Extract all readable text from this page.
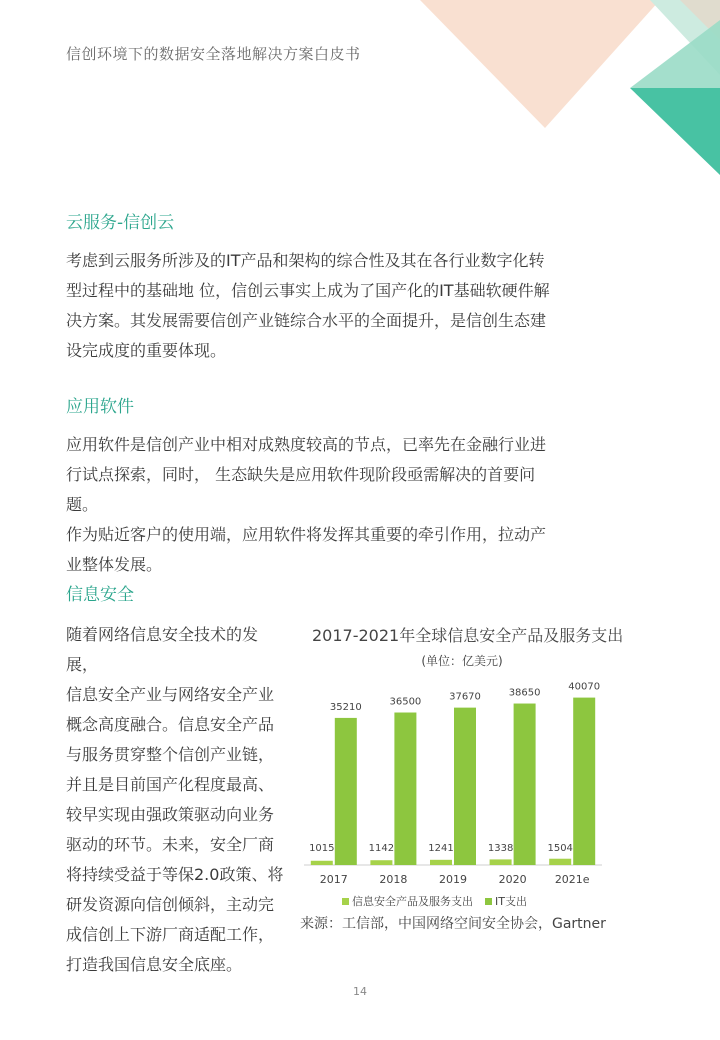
信创环境下的数据安全落地解决方案白皮书
云服务-信创云

考虑到云服务所涉及的IT产品和架构的综合性及其在各行业数字化转

型过程中的基础地 位，信创云事实上成为了国产化的IT基础软硬件解

决方案。其发展需要信创产业链综合水平的全面提升，是信创生态建

设完成度的重要体现。

应用软件

应用软件是信创产业中相对成熟度较高的节点，已率先在金融行业进

行试点探索，同时， 生态缺失是应用软件现阶段亟需解决的首要问题。

作为贴近客户的使用端，应用软件将发挥其重要的牵引作用，拉动产

业整体发展。

信息安全
随着网络信息安全技术的发展，
信息安全产业与网络安全产业
概念高度融合。信息安全产品
与服务贯穿整个信创产业链，
并且是目前国产化程度最高、
较早实现由强政策驱动向业务
驱动的环节。未来，安全厂商
将持续受益于等保2.0政策、将
研发资源向信创倾斜，主动完
成信创上下游厂商适配工作，
打造我国信息安全底座。
2017-2021年全球信息安全产品及服务支出
(单位：亿美元)
1015
35210
2017
1142
36500
2018
1241
37670
2019
1338
38650
2020
1504
40070
2021e
信息安全产品及服务支出 IT支出
来源：工信部，中国网络空间安全协会，Gartner
14
